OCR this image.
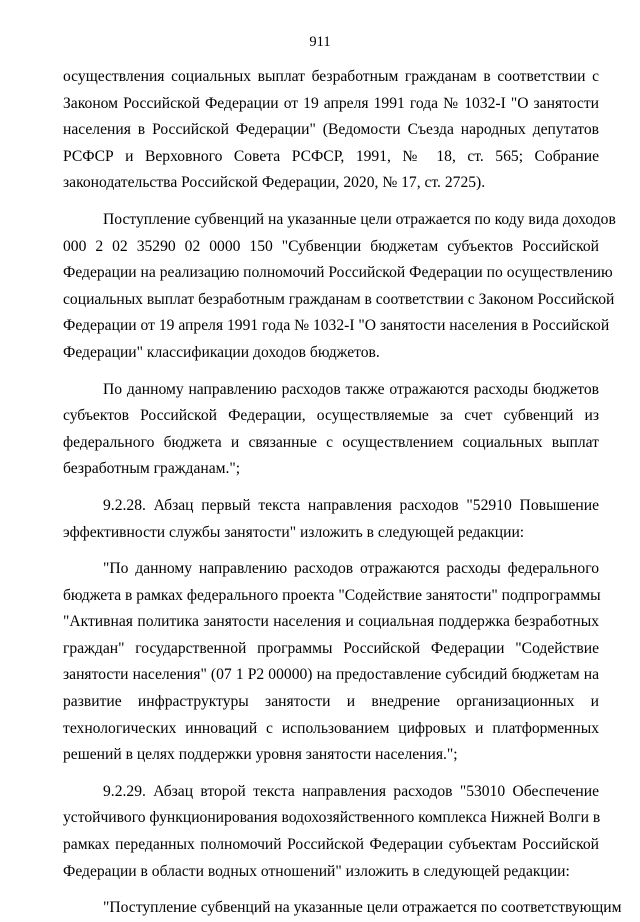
911
осуществления социальных выплат безработным гражданам в соответствии с
Законом Российской Федерации от 19 апреля 1991 года № 1032-I "О занятости
населения в Российской Федерации" (Ведомости Съезда народных депутатов
РСФСР и Верховного Совета РСФСР, 1991, № 18, ст. 565; Собрание
законодательства Российской Федерации, 2020, № 17, ст. 2725).
Поступление субвенций на указанные цели отражается по коду вида доходов
000 2 02 35290 02 0000 150 "Субвенции бюджетам субъектов Российской
Федерации на реализацию полномочий Российской Федерации по осуществлению
социальных выплат безработным гражданам в соответствии с Законом Российской
Федерации от 19 апреля 1991 года № 1032-I "О занятости населения в Российской
Федерации" классификации доходов бюджетов.
По данному направлению расходов также отражаются расходы бюджетов
субъектов Российской Федерации, осуществляемые за счет субвенций из
федерального бюджета и связанные с осуществлением социальных выплат
безработным гражданам.";
9.2.28. Абзац первый текста направления расходов "52910 Повышение
эффективности службы занятости" изложить в следующей редакции:
"По данному направлению расходов отражаются расходы федерального
бюджета в рамках федерального проекта "Содействие занятости" подпрограммы
"Активная политика занятости населения и социальная поддержка безработных
граждан" государственной программы Российской Федерации "Содействие
занятости населения" (07 1 P2 00000) на предоставление субсидий бюджетам на
развитие инфраструктуры занятости и внедрение организационных и
технологических инноваций с использованием цифровых и платформенных
решений в целях поддержки уровня занятости населения.";
9.2.29. Абзац второй текста направления расходов "53010 Обеспечение
устойчивого функционирования водохозяйственного комплекса Нижней Волги в
рамках переданных полномочий Российской Федерации субъектам Российской
Федерации в области водных отношений" изложить в следующей редакции:
"Поступление субвенций на указанные цели отражается по соответствующим
